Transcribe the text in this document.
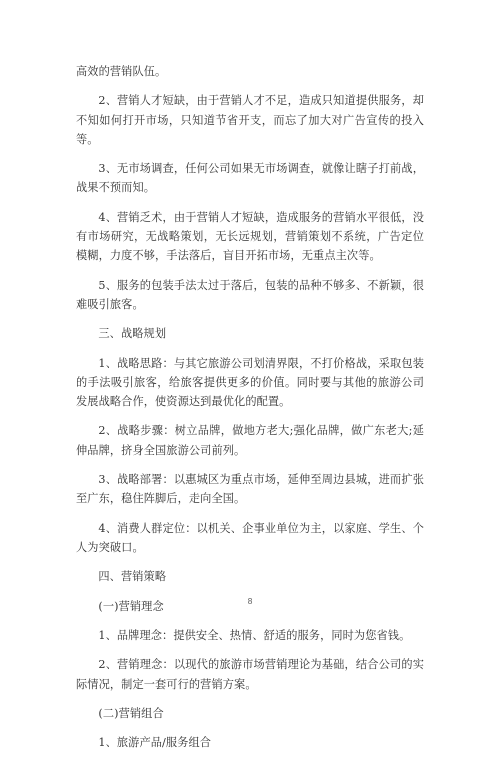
高效的营销队伍。

2、营销人才短缺，由于营销人才不足，造成只知道提供服务，却不知如何打开市场，只知道节省开支，而忘了加大对广告宣传的投入等。

3、无市场调查，任何公司如果无市场调查，就像让瞎子打前战，战果不预而知。

4、营销乏术，由于营销人才短缺，造成服务的营销水平很低，没有市场研究，无战略策划，无长远规划，营销策划不系统，广告定位模糊，力度不够，手法落后，盲目开拓市场，无重点主次等。

5、服务的包装手法太过于落后，包装的品种不够多、不新颖，很难吸引旅客。

三、战略规划

1、战略思路：与其它旅游公司划清界限，不打价格战，采取包装的手法吸引旅客，给旅客提供更多的价值。同时要与其他的旅游公司发展战略合作，使资源达到最优化的配置。

2、战略步骤：树立品牌，做地方老大;强化品牌，做广东老大;延伸品牌，挤身全国旅游公司前列。

3、战略部署：以惠城区为重点市场，延伸至周边县城，进而扩张至广东，稳住阵脚后，走向全国。

4、消费人群定位：以机关、企事业单位为主，以家庭、学生、个人为突破口。

四、营销策略

(一)营销理念

1、品牌理念：提供安全、热情、舒适的服务，同时为您省钱。

2、营销理念：以现代的旅游市场营销理论为基础，结合公司的实际情况，制定一套可行的营销方案。

(二)营销组合

1、旅游产品/服务组合

8
